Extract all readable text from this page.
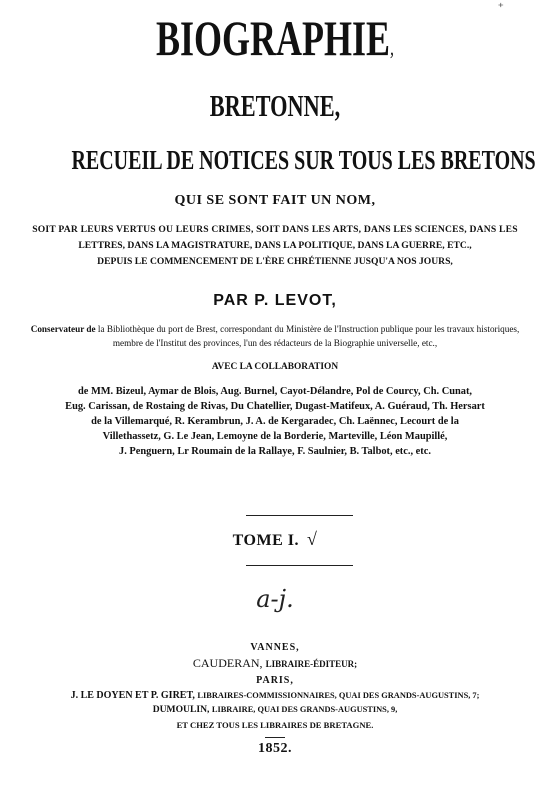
⁺
BIOGRAPHIE,
BRETONNE,
RECUEIL DE NOTICES SUR TOUS LES BRETONS
QUI SE SONT FAIT UN NOM,
SOIT PAR LEURS VERTUS OU LEURS CRIMES, SOIT DANS LES ARTS, DANS LES SCIENCES, DANS LES
LETTRES, DANS LA MAGISTRATURE, DANS LA POLITIQUE, DANS LA GUERRE, ETC.,
DEPUIS LE COMMENCEMENT DE L'ÈRE CHRÉTIENNE JUSQU'A NOS JOURS,
PAR P. LEVOT,
Conservateur de la Bibliothèque du port de Brest, correspondant du Ministère de l'Instruction publique pour les travaux historiques,
membre de l'Institut des provinces, l'un des rédacteurs de la Biographie universelle, etc.,
AVEC LA COLLABORATION
de MM. Bizeul, Aymar de Blois, Aug. Burnel, Cayot-Délandre, Pol de Courcy, Ch. Cunat,
Eug. Carissan, de Rostaing de Rivas, Du Chatellier, Dugast-Matifeux, A. Guéraud, Th. Hersart
de la Villemarqué, R. Kerambrun, J. A. de Kergaradec, Ch. Laënnec, Lecourt de la
Villethassetz, G. Le Jean, Lemoyne de la Borderie, Marteville, Léon Maupillé,
J. Penguern, Lr Roumain de la Rallaye, F. Saulnier, B. Talbot, etc., etc.
TOME I. √
a-j.
VANNES,
CAUDERAN, LIBRAIRE-ÉDITEUR;
PARIS,
J. LE DOYEN ET P. GIRET, LIBRAIRES-COMMISSIONNAIRES, QUAI DES GRANDS-AUGUSTINS, 7;
DUMOULIN, LIBRAIRE, QUAI DES GRANDS-AUGUSTINS, 9,
ET CHEZ TOUS LES LIBRAIRES DE BRETAGNE.
1852.
